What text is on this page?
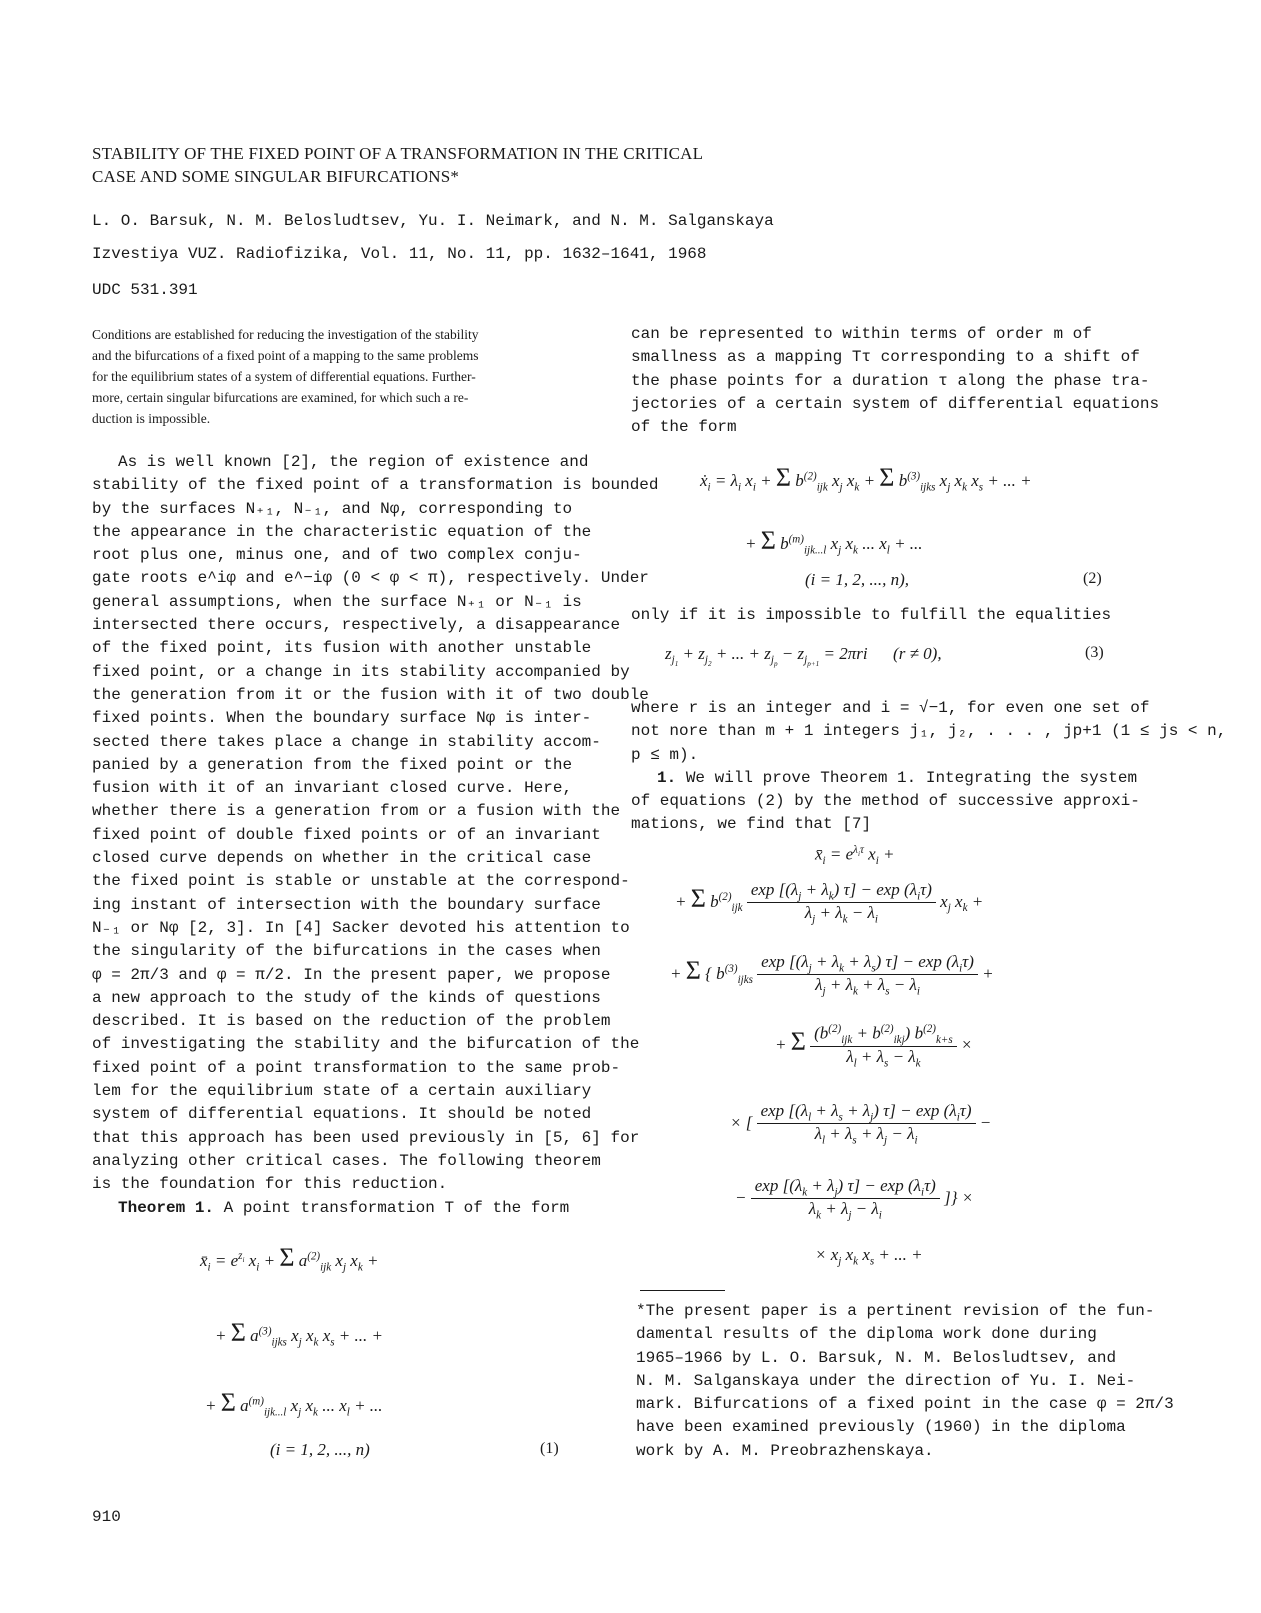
STABILITY OF THE FIXED POINT OF A TRANSFORMATION IN THE CRITICAL
CASE AND SOME SINGULAR BIFURCATIONS*
L. O. Barsuk, N. M. Belosludtsev, Yu. I. Neimark, and N. M. Salganskaya
Izvestiya VUZ. Radiofizika, Vol. 11, No. 11, pp. 1632–1641, 1968
UDC 531.391
Conditions are established for reducing the investigation of the stability
and the bifurcations of a fixed point of a mapping to the same problems
for the equilibrium states of a system of differential equations. Further-
more, certain singular bifurcations are examined, for which such a re-
duction is impossible.
As is well known [2], the region of existence and
stability of the fixed point of a transformation is bounded
by the surfaces N₊₁, N₋₁, and Nφ, corresponding to
the appearance in the characteristic equation of the
root plus one, minus one, and of two complex conju-
gate roots e^iφ and e^−iφ (0 < φ < π), respectively. Under
general assumptions, when the surface N₊₁ or N₋₁ is
intersected there occurs, respectively, a disappearance
of the fixed point, its fusion with another unstable
fixed point, or a change in its stability accompanied by
the generation from it or the fusion with it of two double
fixed points. When the boundary surface Nφ is inter-
sected there takes place a change in stability accom-
panied by a generation from the fixed point or the
fusion with it of an invariant closed curve. Here,
whether there is a generation from or a fusion with the
fixed point of double fixed points or of an invariant
closed curve depends on whether in the critical case
the fixed point is stable or unstable at the correspond-
ing instant of intersection with the boundary surface
N₋₁ or Nφ [2, 3]. In [4] Sacker devoted his attention to
the singularity of the bifurcations in the cases when
φ = 2π/3 and φ = π/2. In the present paper, we propose
a new approach to the study of the kinds of questions
described. It is based on the reduction of the problem
of investigating the stability and the bifurcation of the
fixed point of a point transformation to the same prob-
lem for the equilibrium state of a certain auxiliary
system of differential equations. It should be noted
that this approach has been used previously in [5, 6] for
analyzing other critical cases. The following theorem
is the foundation for this reduction.
Theorem 1. A point transformation T of the form
$x̄_i = e^{z_i}$ $x_i + \Sigma$ $a^{(2)}_{ijk}$ $x_j$ $x_k$ +
+ Σ $a^{(3)}_{ijks}$ $x_j$ $x_k$ $x_s$ + ... +
+ Σ $a^{(m)}_{ijk...l}$ $x_j$ $x_k$ ... $x_l$ + ...
(i = 1, 2, ..., n)	(1)
can be represented to within terms of order m of
smallness as a mapping Tτ corresponding to a shift of
the phase points for a duration τ along the phase tra-
jectories of a certain system of differential equations
of the form
ẋ$_i$ = $\lambda_i$ $x_i + \Sigma$ $b^{(2)}_{ijk}$ $x_j$ $x_k + \Sigma$ $b^{(3)}_{ijks}$ $x_j$ $x_k$ $x_s$ + ... +
+ Σ $b^{(m)}_{ijk...l}$ $x_j$ $x_k$ ... $x_l$ + ...
(i = 1, 2, ..., n),	(2)
only if it is impossible to fulfill the equalities
$z_{j_1} + z_{j_2}$ + ... + $z_{j_p} - z_{j_{p+1}} = 2\pi ri$      (r ≠ 0),	(3)
where r is an integer and i = √−1, for even one set of
not nore than m + 1 integers j₁, j₂, . . . , jp+1 (1 ≤ js < n,
p ≤ m).
1. We will prove Theorem 1. Integrating the system
of equations (2) by the method of successive approxi-
mations, we find that [7]
$x̄_i = e^{\lambda_i\tau}$ $x_i$ +
+ Σ $b^{(2)}_{ijk} \frac{\exp [(\lambda_j + \lambda_k) \tau] - \exp (\lambda_i\tau)}{\lambda_j + \lambda_k - \lambda_i} x_j$ $x_k$ +
+ Σ { $b^{(3)}_{ijks} \frac{\exp [(\lambda_j + \lambda_k + \lambda_s) \tau] - \exp (\lambda_i\tau)}{\lambda_j + \lambda_k + \lambda_s - \lambda_i}$ +
+ Σ $\frac{(b^{(2)}_{ijk} + b^{(2)}_{ikj}) b^{(2)}_{k+s}}{\lambda_l + \lambda_s - \lambda_k}$ ×
× [ $\frac{\exp [(\lambda_l + \lambda_s + \lambda_j) \tau] - \exp (\lambda_i\tau)}{\lambda_l + \lambda_s + \lambda_j - \lambda_i}$ −
− $\frac{\exp [(\lambda_k + \lambda_j) \tau] - \exp (\lambda_i\tau)}{\lambda_k + \lambda_j - \lambda_i}$ ]} ×
× $x_j$ $x_k$ $x_s$ + ... +
*The present paper is a pertinent revision of the fun-
damental results of the diploma work done during
1965–1966 by L. O. Barsuk, N. M. Belosludtsev, and
N. M. Salganskaya under the direction of Yu. I. Nei-
mark. Bifurcations of a fixed point in the case φ = 2π/3
have been examined previously (1960) in the diploma
work by A. M. Preobrazhenskaya.
910
